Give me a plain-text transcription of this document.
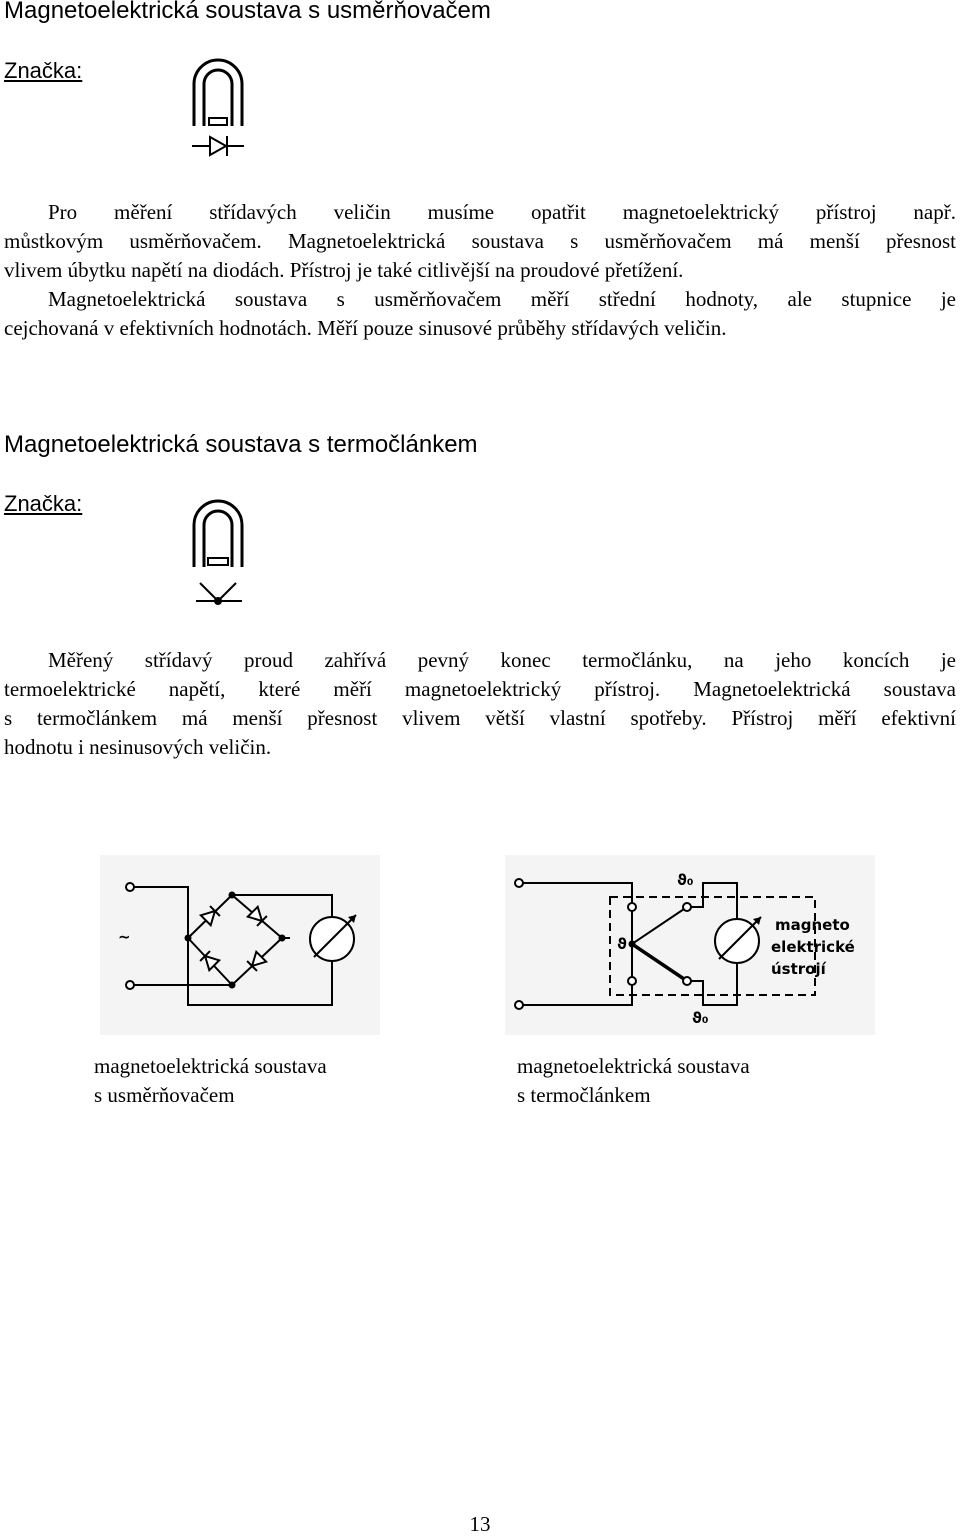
Magnetoelektrická soustava s usměrňovačem
Značka:
Pro měření střídavých veličin musíme opatřit magnetoelektrický přístroj např.
můstkovým usměrňovačem. Magnetoelektrická soustava s usměrňovačem má menší přesnost
vlivem úbytku napětí na diodách. Přístroj je také citlivější na proudové přetížení.
Magnetoelektrická soustava s usměrňovačem měří střední hodnoty, ale stupnice je
cejchovaná v efektivních hodnotách. Měří pouze sinusové průběhy střídavých veličin.
Magnetoelektrická soustava s termočlánkem
Značka:
Měřený střídavý proud zahřívá pevný konec termočlánku, na jeho koncích je
termoelektrické napětí, které měří magnetoelektrický přístroj. Magnetoelektrická soustava
s termočlánkem má menší přesnost vlivem větší vlastní spotřeby. Přístroj měří efektivní
hodnotu i nesinusových veličin.
~
ϑ₀
ϑ
ϑ₀
magneto
elektrické
ústrojí
magnetoelektrická soustava
s usměrňovačem
magnetoelektrická soustava
s termočlánkem
13
